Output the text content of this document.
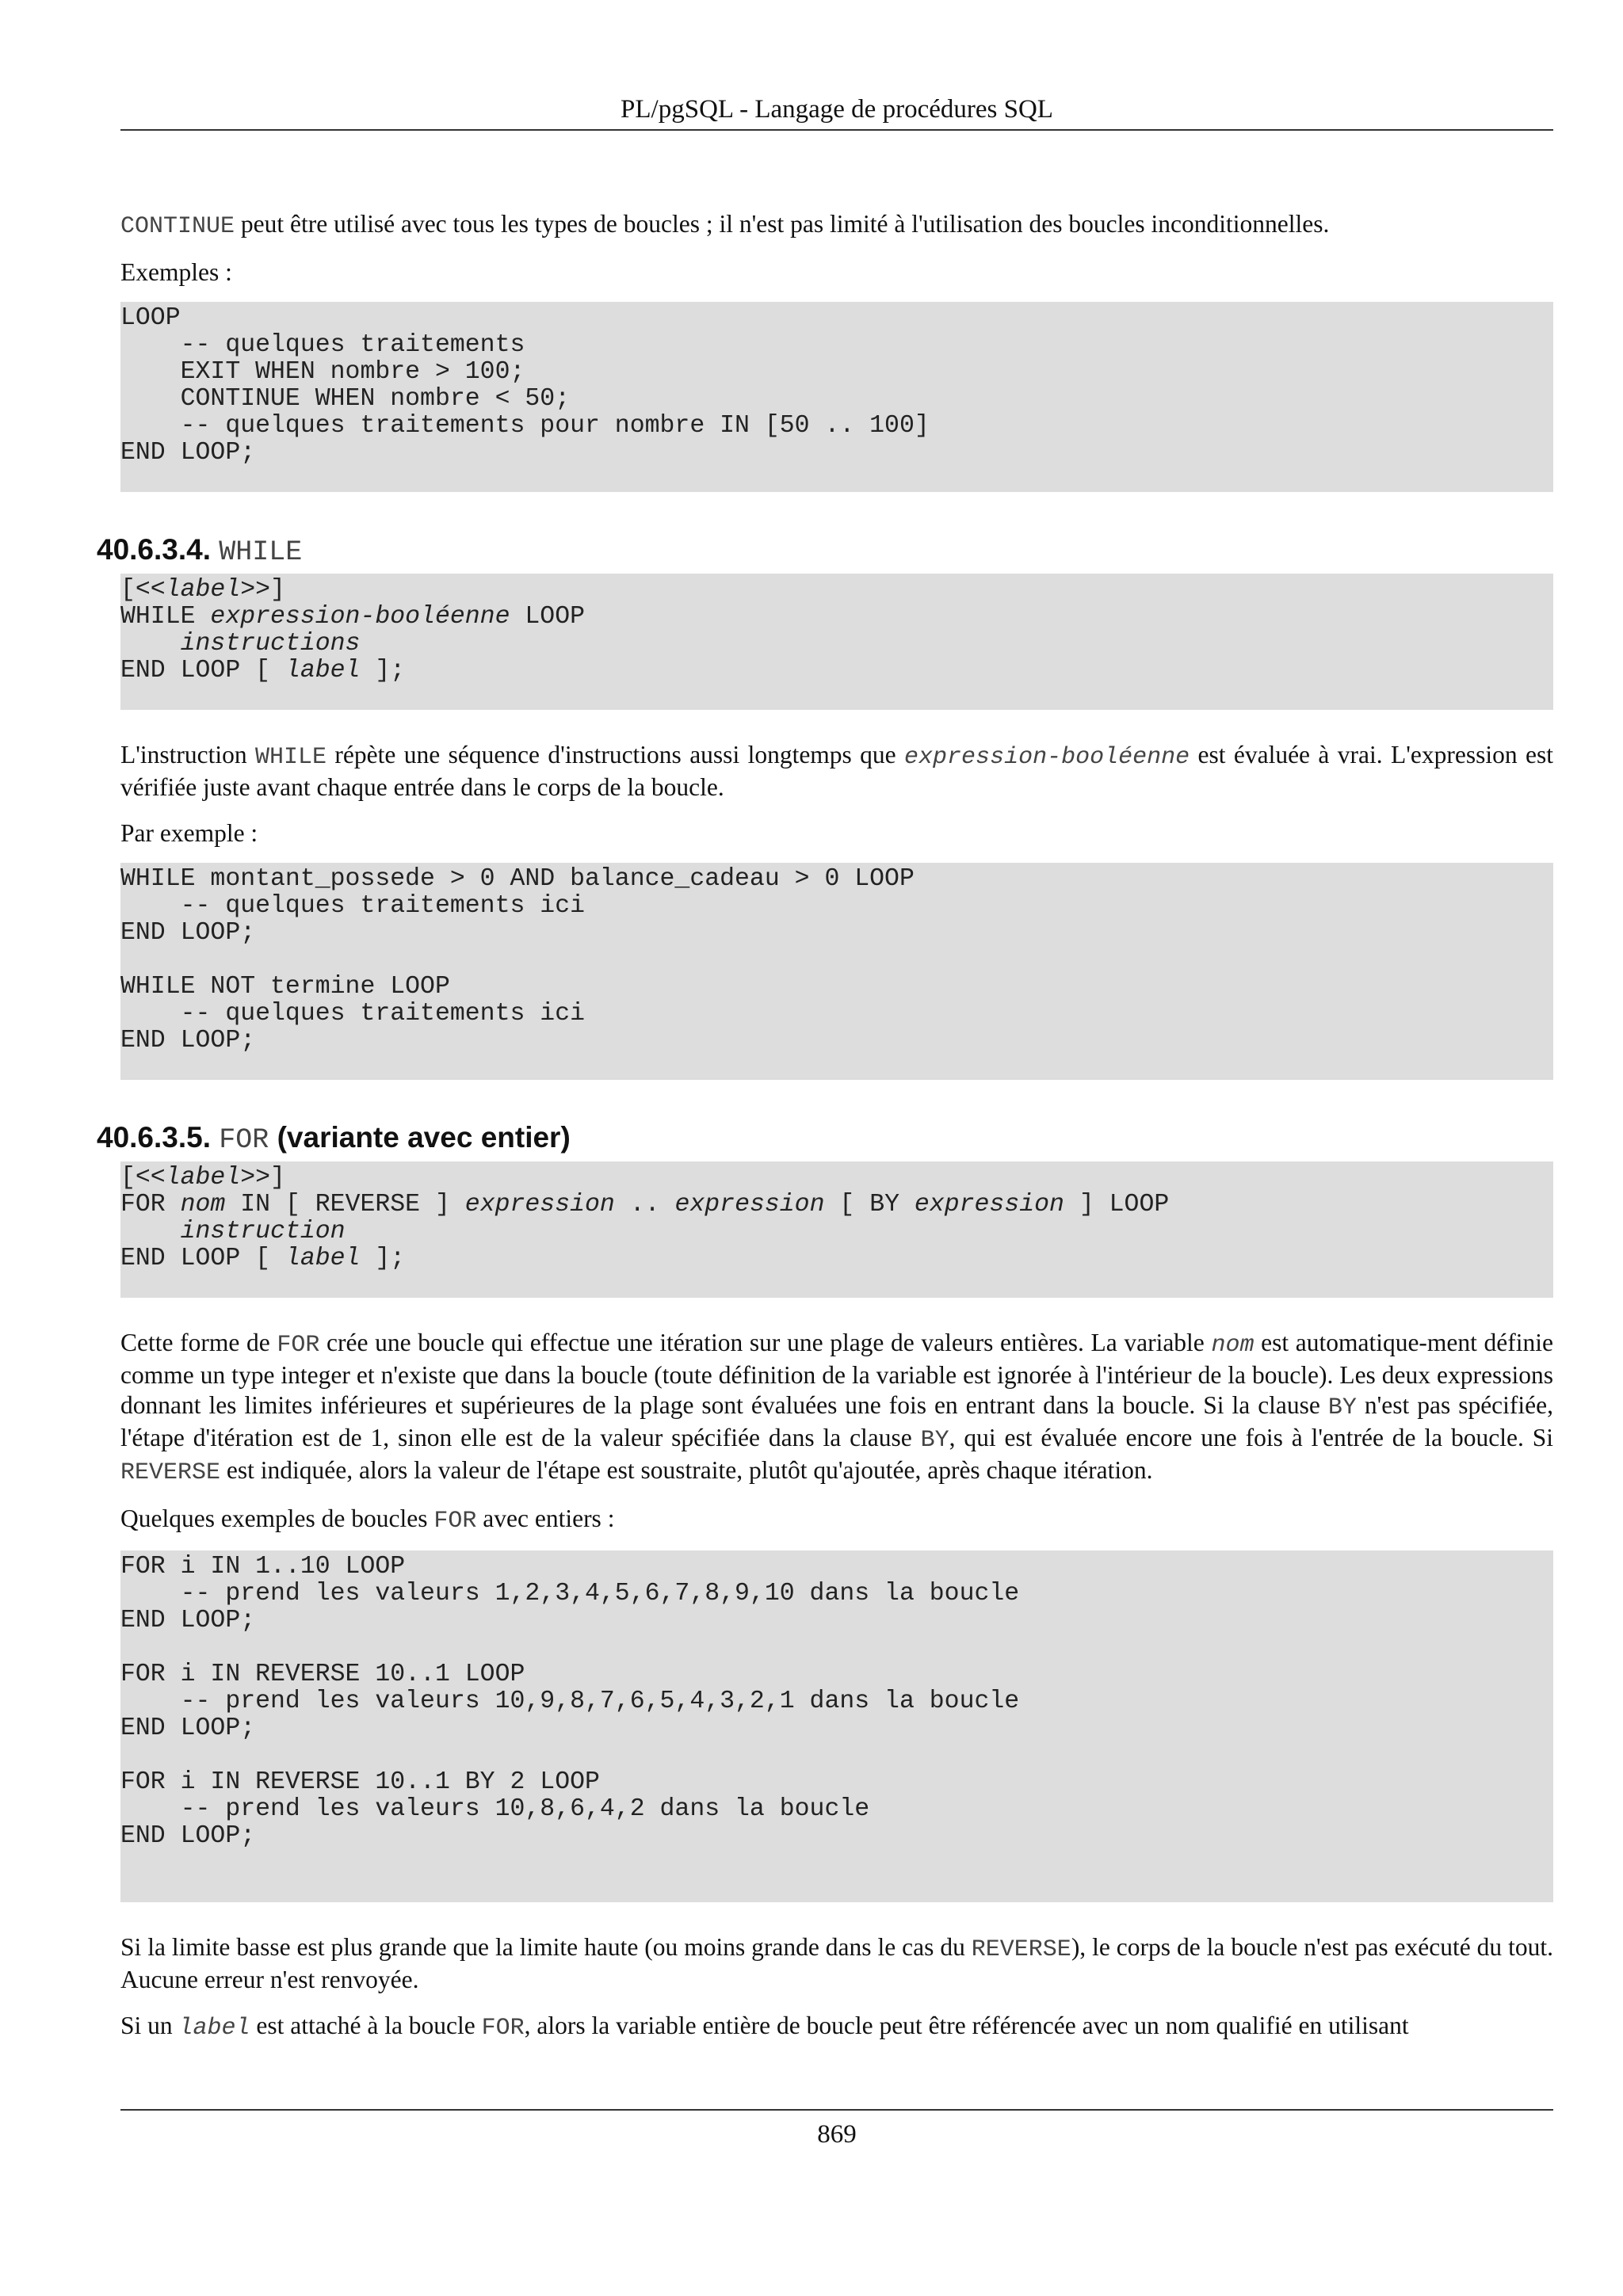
PL/pgSQL - Langage de procédures SQL

CONTINUE peut être utilisé avec tous les types de boucles ; il n'est pas limité à l'utilisation des boucles inconditionnelles.

Exemples :

LOOP
-- quelques traitements
EXIT WHEN nombre > 100;
CONTINUE WHEN nombre < 50;
-- quelques traitements pour nombre IN [50 .. 100]
END LOOP;
40.6.3.4. WHILE
[<<label>>]
WHILE expression-booléenne LOOP
instructions
END LOOP [ label ];

L'instruction WHILE répète une séquence d'instructions aussi longtemps que expression-booléenne est évaluée à vrai. L'expression est vérifiée juste avant chaque entrée dans le corps de la boucle.

Par exemple :

WHILE montant_possede > 0 AND balance_cadeau > 0 LOOP
-- quelques traitements ici
END LOOP;
WHILE NOT termine LOOP
-- quelques traitements ici
END LOOP;
40.6.3.5. FOR (variante avec entier)
[<<label>>]
FOR nom IN [ REVERSE ] expression .. expression [ BY expression ] LOOP
instruction
END LOOP [ label ];

Cette forme de FOR crée une boucle qui effectue une itération sur une plage de valeurs entières. La variable nom est automatique-ment définie comme un type integer et n'existe que dans la boucle (toute définition de la variable est ignorée à l'intérieur de la boucle). Les deux expressions donnant les limites inférieures et supérieures de la plage sont évaluées une fois en entrant dans la boucle. Si la clause BY n'est pas spécifiée, l'étape d'itération est de 1, sinon elle est de la valeur spécifiée dans la clause BY, qui est évaluée encore une fois à l'entrée de la boucle. Si REVERSE est indiquée, alors la valeur de l'étape est soustraite, plutôt qu'ajoutée, après chaque itération.

Quelques exemples de boucles FOR avec entiers :

FOR i IN 1..10 LOOP
-- prend les valeurs 1,2,3,4,5,6,7,8,9,10 dans la boucle
END LOOP;
FOR i IN REVERSE 10..1 LOOP
-- prend les valeurs 10,9,8,7,6,5,4,3,2,1 dans la boucle
END LOOP;
FOR i IN REVERSE 10..1 BY 2 LOOP
-- prend les valeurs 10,8,6,4,2 dans la boucle
END LOOP;

Si la limite basse est plus grande que la limite haute (ou moins grande dans le cas du REVERSE), le corps de la boucle n'est pas exécuté du tout. Aucune erreur n'est renvoyée.

Si un label est attaché à la boucle FOR, alors la variable entière de boucle peut être référencée avec un nom qualifié en utilisant

869
